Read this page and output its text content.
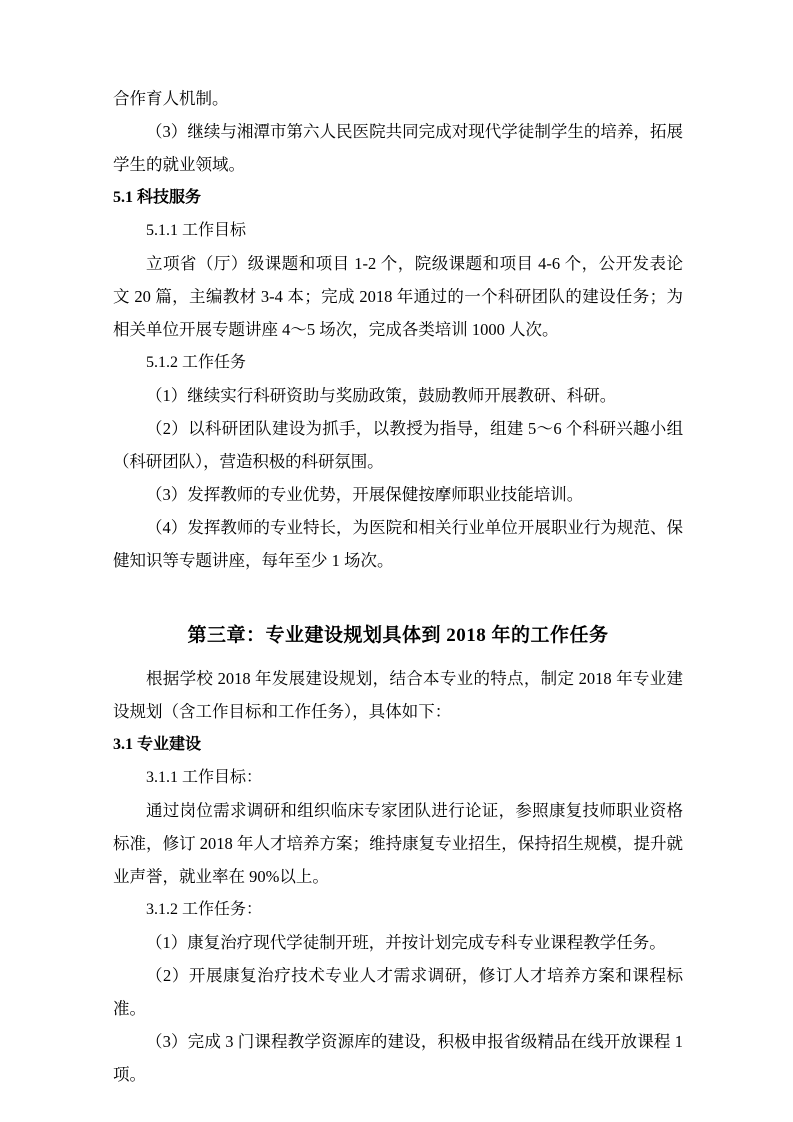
合作育人机制。

（3）继续与湘潭市第六人民医院共同完成对现代学徒制学生的培养，拓展学生的就业领域。

5.1 科技服务

5.1.1 工作目标

立项省（厅）级课题和项目 1-2 个，院级课题和项目 4-6 个，公开发表论文 20 篇，主编教材 3-4 本；完成 2018 年通过的一个科研团队的建设任务；为相关单位开展专题讲座 4～5 场次，完成各类培训 1000 人次。

5.1.2 工作任务

（1）继续实行科研资助与奖励政策，鼓励教师开展教研、科研。

（2）以科研团队建设为抓手，以教授为指导，组建 5～6 个科研兴趣小组（科研团队），营造积极的科研氛围。

（3）发挥教师的专业优势，开展保健按摩师职业技能培训。

（4）发挥教师的专业特长，为医院和相关行业单位开展职业行为规范、保健知识等专题讲座，每年至少 1 场次。

第三章：专业建设规划具体到 2018 年的工作任务

根据学校 2018 年发展建设规划，结合本专业的特点，制定 2018 年专业建设规划（含工作目标和工作任务），具体如下：

3.1 专业建设

3.1.1 工作目标：

通过岗位需求调研和组织临床专家团队进行论证，参照康复技师职业资格标准，修订 2018 年人才培养方案；维持康复专业招生，保持招生规模，提升就业声誉，就业率在 90%以上。

3.1.2 工作任务：

（1）康复治疗现代学徒制开班，并按计划完成专科专业课程教学任务。

（2）开展康复治疗技术专业人才需求调研，修订人才培养方案和课程标准。

（3）完成 3 门课程教学资源库的建设，积极申报省级精品在线开放课程 1 项。
